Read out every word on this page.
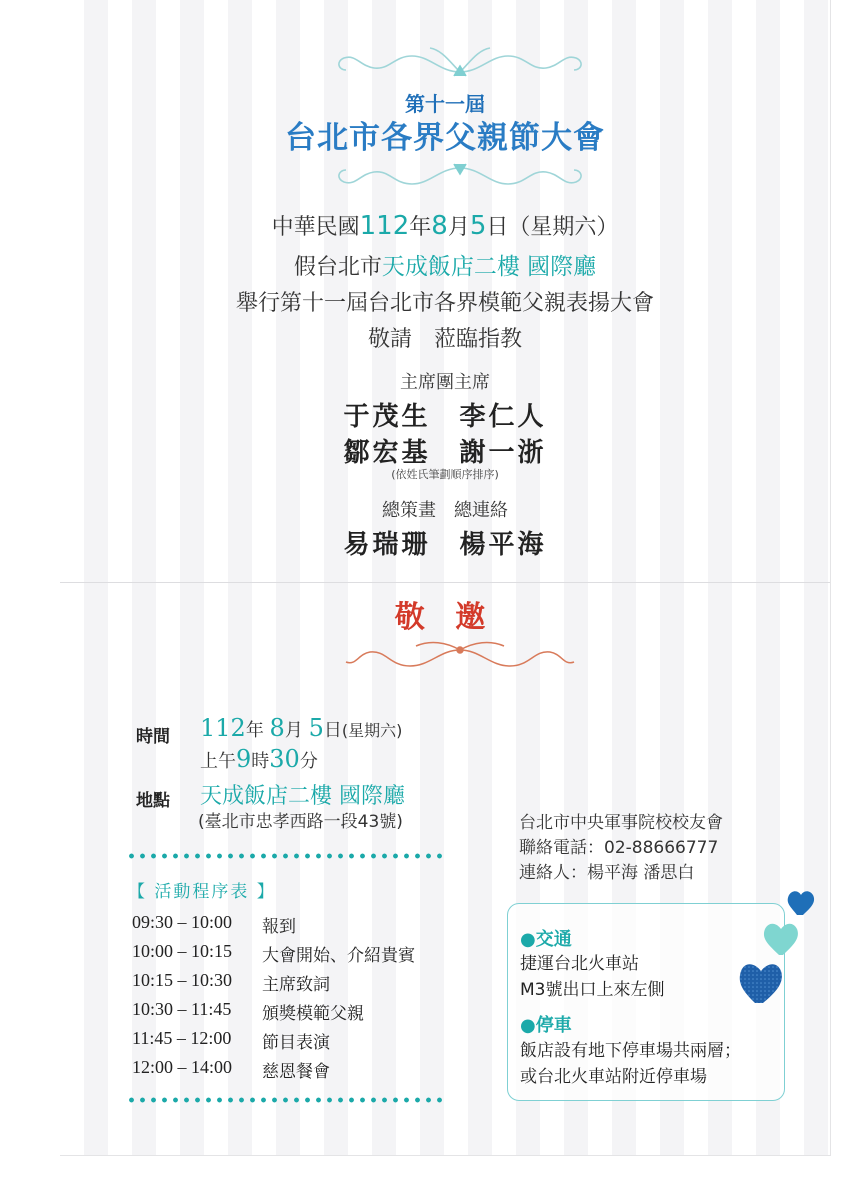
第十一屆
台北市各界父親節大會
中華民國112年8月5日（星期六）
假台北市天成飯店二樓 國際廳
舉行第十一屆台北市各界模範父親表揚大會
敬請　蒞臨指教
主席團主席
于茂生　李仁人
鄒宏基　謝一浙
(依姓氏筆劃順序排序)
總策畫　總連絡
易瑞珊　楊平海
敬 邀
時間 112年 8月 5日(星期六)
上午9時30分
地點 天成飯店二樓 國際廳
(臺北市忠孝西路一段43號)
【 活動程序表 】
09:30 – 10:00 報到
10:00 – 10:15 大會開始、介紹貴賓
10:15 – 10:30 主席致詞
10:30 – 11:45 頒獎模範父親
11:45 – 12:00 節目表演
12:00 – 14:00 慈恩餐會
台北市中央軍事院校校友會
聯絡電話：02-88666777
連絡人：楊平海 潘思白
●交通
捷運台北火車站
M3號出口上來左側
●停車
飯店設有地下停車場共兩層；
或台北火車站附近停車場
